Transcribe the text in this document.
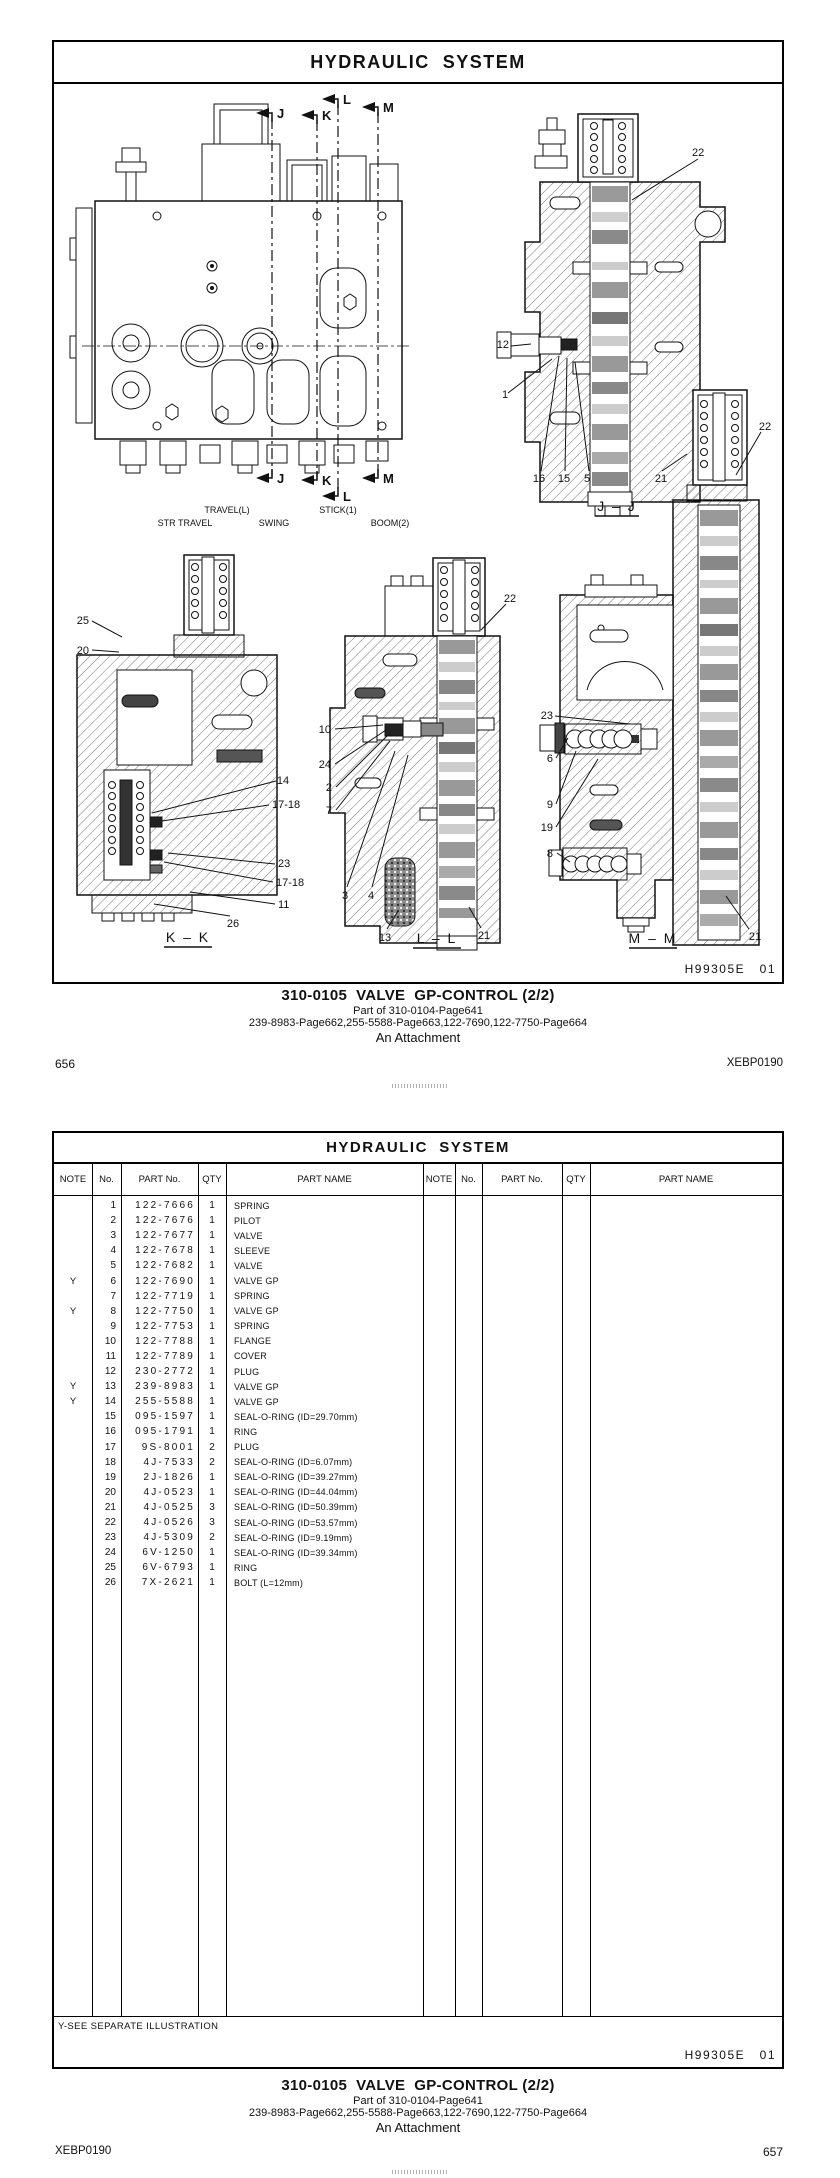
HYDRAULIC  SYSTEM
J	K
L
M
J	K
L
M
TRAVEL(L)	STICK(1)
STR TRAVEL	SWING	BOOM(2)
22
12
1
16 15 5	21
J – J
25
20
14
17-18
23
17-18
11
26
K – K
22
10
24
2
7
3 4
13	21
L – L
22
23
6
9
19
8
21
M – M
H99305E   01
310-0105  VALVE  GP-CONTROL (2/2)
Part of 310-0104-Page641
239-8983-Page662,255-5588-Page663,122-7690,122-7750-Page664
An Attachment
656	XEBP0190
HYDRAULIC  SYSTEM
NOTE	No.	PART No.	QTY	PART NAME	NOTE No.	PART No.	QTY	PART NAME
1	122-7666	1	SPRING
2	122-7676	1	PILOT
3	122-7677	1	VALVE
4	122-7678	1	SLEEVE
5	122-7682	1	VALVE
Y	6	122-7690	1	VALVE GP
7	122-7719	1	SPRING
Y	8	122-7750	1	VALVE GP
9	122-7753	1	SPRING
10	122-7788	1	FLANGE
11	122-7789	1	COVER
12	230-2772	1	PLUG
Y	13	239-8983	1	VALVE GP
Y	14	255-5588	1	VALVE GP
15	095-1597	1	SEAL-O-RING (ID=29.70mm)
16	095-1791	1	RING
17	9S-8001	2	PLUG
18	4J-7533	2	SEAL-O-RING (ID=6.07mm)
19	2J-1826	1	SEAL-O-RING (ID=39.27mm)
20	4J-0523	1	SEAL-O-RING (ID=44.04mm)
21	4J-0525	3	SEAL-O-RING (ID=50.39mm)
22	4J-0526	3	SEAL-O-RING (ID=53.57mm)
23	4J-5309	2	SEAL-O-RING (ID=9.19mm)
24	6V-1250	1	SEAL-O-RING (ID=39.34mm)
25	6V-6793	1	RING
26	7X-2621	1	BOLT (L=12mm)
Y-SEE SEPARATE ILLUSTRATION
H99305E   01
310-0105  VALVE  GP-CONTROL (2/2)
Part of 310-0104-Page641
239-8983-Page662,255-5588-Page663,122-7690,122-7750-Page664
An Attachment
XEBP0190	657
